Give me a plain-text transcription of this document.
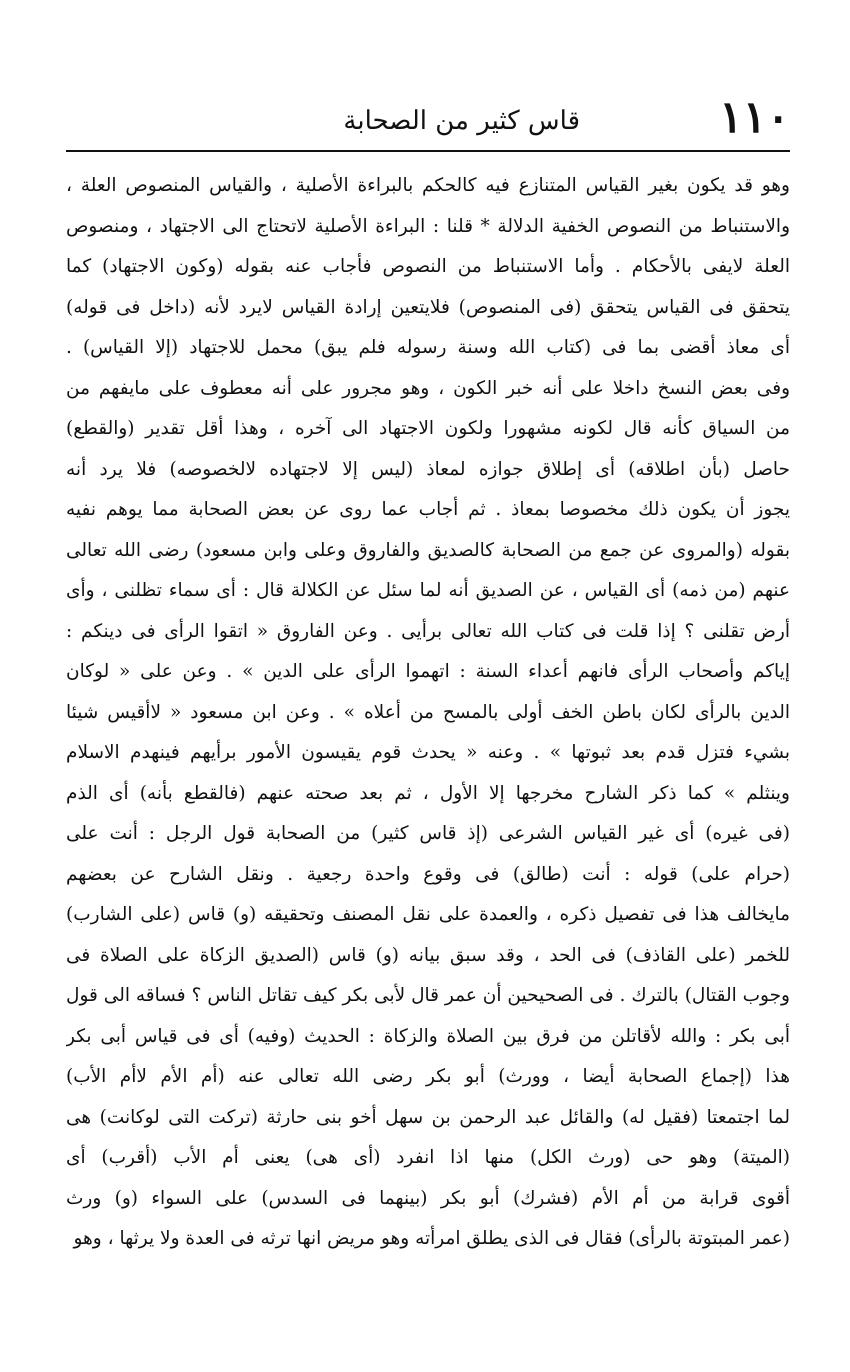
١١٠
قاس كثير من الصحابة
وهو قد يكون بغير القياس المتنازع فيه كالحكم بالبراءة الأصلية ، والقياس المنصوص العلة ،
والاستنباط من النصوص الخفية الدلالة * قلنا : البراءة الأصلية لاتحتاج الى الاجتهاد ، ومنصوص
العلة لايفى بالأحكام . وأما الاستنباط من النصوص فأجاب عنه بقوله (وكون الاجتهاد) كما
يتحقق فى القياس يتحقق (فى المنصوص) فلايتعين إرادة القياس لايرد لأنه (داخل فى قوله)
أى معاذ أقضى بما فى (كتاب الله وسنة رسوله فلم يبق) محمل للاجتهاد (إلا القياس) .
وفى بعض النسخ داخلا على أنه خبر الكون ، وهو مجرور على أنه معطوف على مايفهم من
من السياق كأنه قال لكونه مشهورا ولكون الاجتهاد الى آخره ، وهذا أقل تقدير (والقطع)
حاصل (بأن اطلاقه) أى إطلاق جوازه لمعاذ (ليس إلا لاجتهاده لالخصوصه) فلا يرد أنه
يجوز أن يكون ذلك مخصوصا بمعاذ . ثم أجاب عما روى عن بعض الصحابة مما يوهم نفيه
بقوله (والمروى عن جمع من الصحابة كالصديق والفاروق وعلى وابن مسعود) رضى الله تعالى
عنهم (من ذمه) أى القياس ، عن الصديق أنه لما سئل عن الكلالة قال : أى سماء تظلنى ، وأى
أرض تقلنى ؟ إذا قلت فى كتاب الله تعالى برأيى . وعن الفاروق « اتقوا الرأى فى دينكم :
إياكم وأصحاب الرأى فانهم أعداء السنة : اتهموا الرأى على الدين » . وعن على « لوكان
الدين بالرأى لكان باطن الخف أولى بالمسح من أعلاه » . وعن ابن مسعود « لاأقيس شيئا
بشيء فتزل قدم بعد ثبوتها » . وعنه « يحدث قوم يقيسون الأمور برأيهم فينهدم الاسلام
وينثلم » كما ذكر الشارح مخرجها إلا الأول ، ثم بعد صحته عنهم (فالقطع بأنه) أى الذم
(فى غيره) أى غير القياس الشرعى (إذ قاس كثير) من الصحابة قول الرجل : أنت على
(حرام على) قوله : أنت (طالق) فى وقوع واحدة رجعية . ونقل الشارح عن بعضهم
مايخالف هذا فى تفصيل ذكره ، والعمدة على نقل المصنف وتحقيقه (و) قاس (على الشارب)
للخمر (على القاذف) فى الحد ، وقد سبق بيانه (و) قاس (الصديق الزكاة على الصلاة فى
وجوب القتال) بالترك . فى الصحيحين أن عمر قال لأبى بكر كيف تقاتل الناس ؟ فساقه الى قول
أبى بكر : والله لأقاتلن من فرق بين الصلاة والزكاة : الحديث (وفيه) أى فى قياس أبى بكر
هذا (إجماع الصحابة أيضا ، وورث) أبو بكر رضى الله تعالى عنه (أم الأم لاأم الأب)
لما اجتمعتا (فقيل له) والقائل عبد الرحمن بن سهل أخو بنى حارثة (تركت التى لوكانت) هى
(الميتة) وهو حى (ورث الكل) منها اذا انفرد (أى هى) يعنى أم الأب (أقرب) أى
أقوى قرابة من أم الأم (فشرك) أبو بكر (بينهما فى السدس) على السواء (و) ورث
(عمر المبتوتة بالرأى) فقال فى الذى يطلق امرأته وهو مريض انها ترثه فى العدة ولا يرثها ، وهو
